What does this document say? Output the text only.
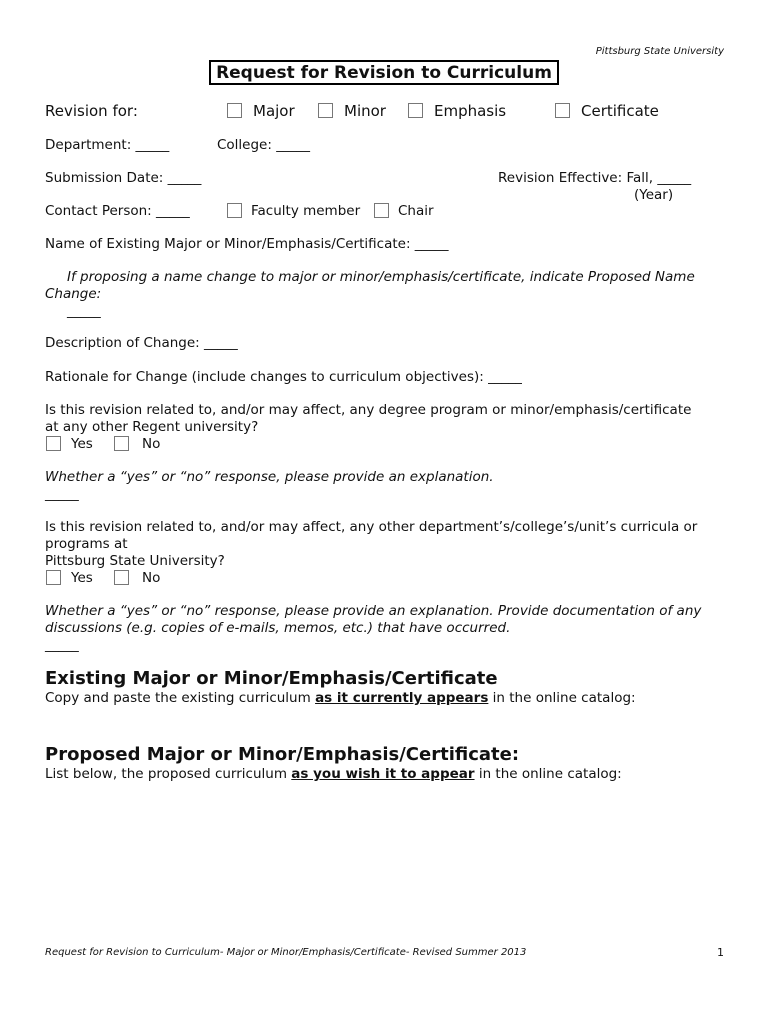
Pittsburg State University
Request for Revision to Curriculum
Revision for:	Major	Minor	Emphasis	Certificate
Department: _____	College: _____
Submission Date: _____	Revision Effective: Fall, _____
(Year)
Contact Person: _____	Faculty member	Chair
Name of Existing Major or Minor/Emphasis/Certificate: _____
If proposing a name change to major or minor/emphasis/certificate, indicate Proposed Name
Change:
_____
Description of Change: _____
Rationale for Change (include changes to curriculum objectives): _____
Is this revision related to, and/or may affect, any degree program or minor/emphasis/certificate
at any other Regent university?
Yes	No
Whether a “yes” or “no” response, please provide an explanation.
_____
Is this revision related to, and/or may affect, any other department’s/college’s/unit’s curricula or
programs at
Pittsburg State University?
Yes	No
Whether a “yes” or “no” response, please provide an explanation. Provide documentation of any
discussions (e.g. copies of e-mails, memos, etc.) that have occurred.
_____
Existing Major or Minor/Emphasis/Certificate
Copy and paste the existing curriculum as it currently appears in the online catalog:
Proposed Major or Minor/Emphasis/Certificate:
List below, the proposed curriculum as you wish it to appear in the online catalog:
Request for Revision to Curriculum- Major or Minor/Emphasis/Certificate- Revised Summer 2013	1
